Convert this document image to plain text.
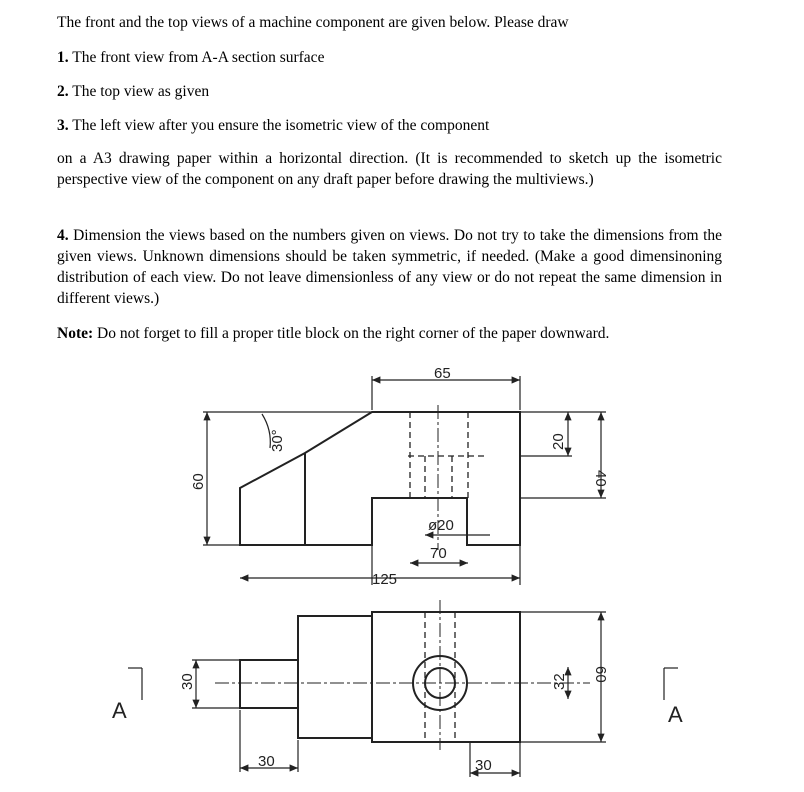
The front and the top views of a machine component are given below. Please draw

1. The front view from A-A section surface

2. The top view as given

3. The left view after you ensure the isometric view of the component

on a A3 drawing paper within a horizontal direction. (It is recommended to sketch up the isometric perspective view of the component on any draft paper before drawing the multiviews.)

4. Dimension the views based on the numbers given on views. Do not try to take the dimensions from the given views. Unknown dimensions should be taken symmetric, if needed. (Make a good dimensinoning distribution of each view. Do not leave dimensionless of any view or do not repeat the same dimension in different views.)

Note: Do not forget to fill a proper title block on the right corner of the paper downward.

65
60
30°	20
40
ø20
70
125
30
30
32 60
30
A	A
